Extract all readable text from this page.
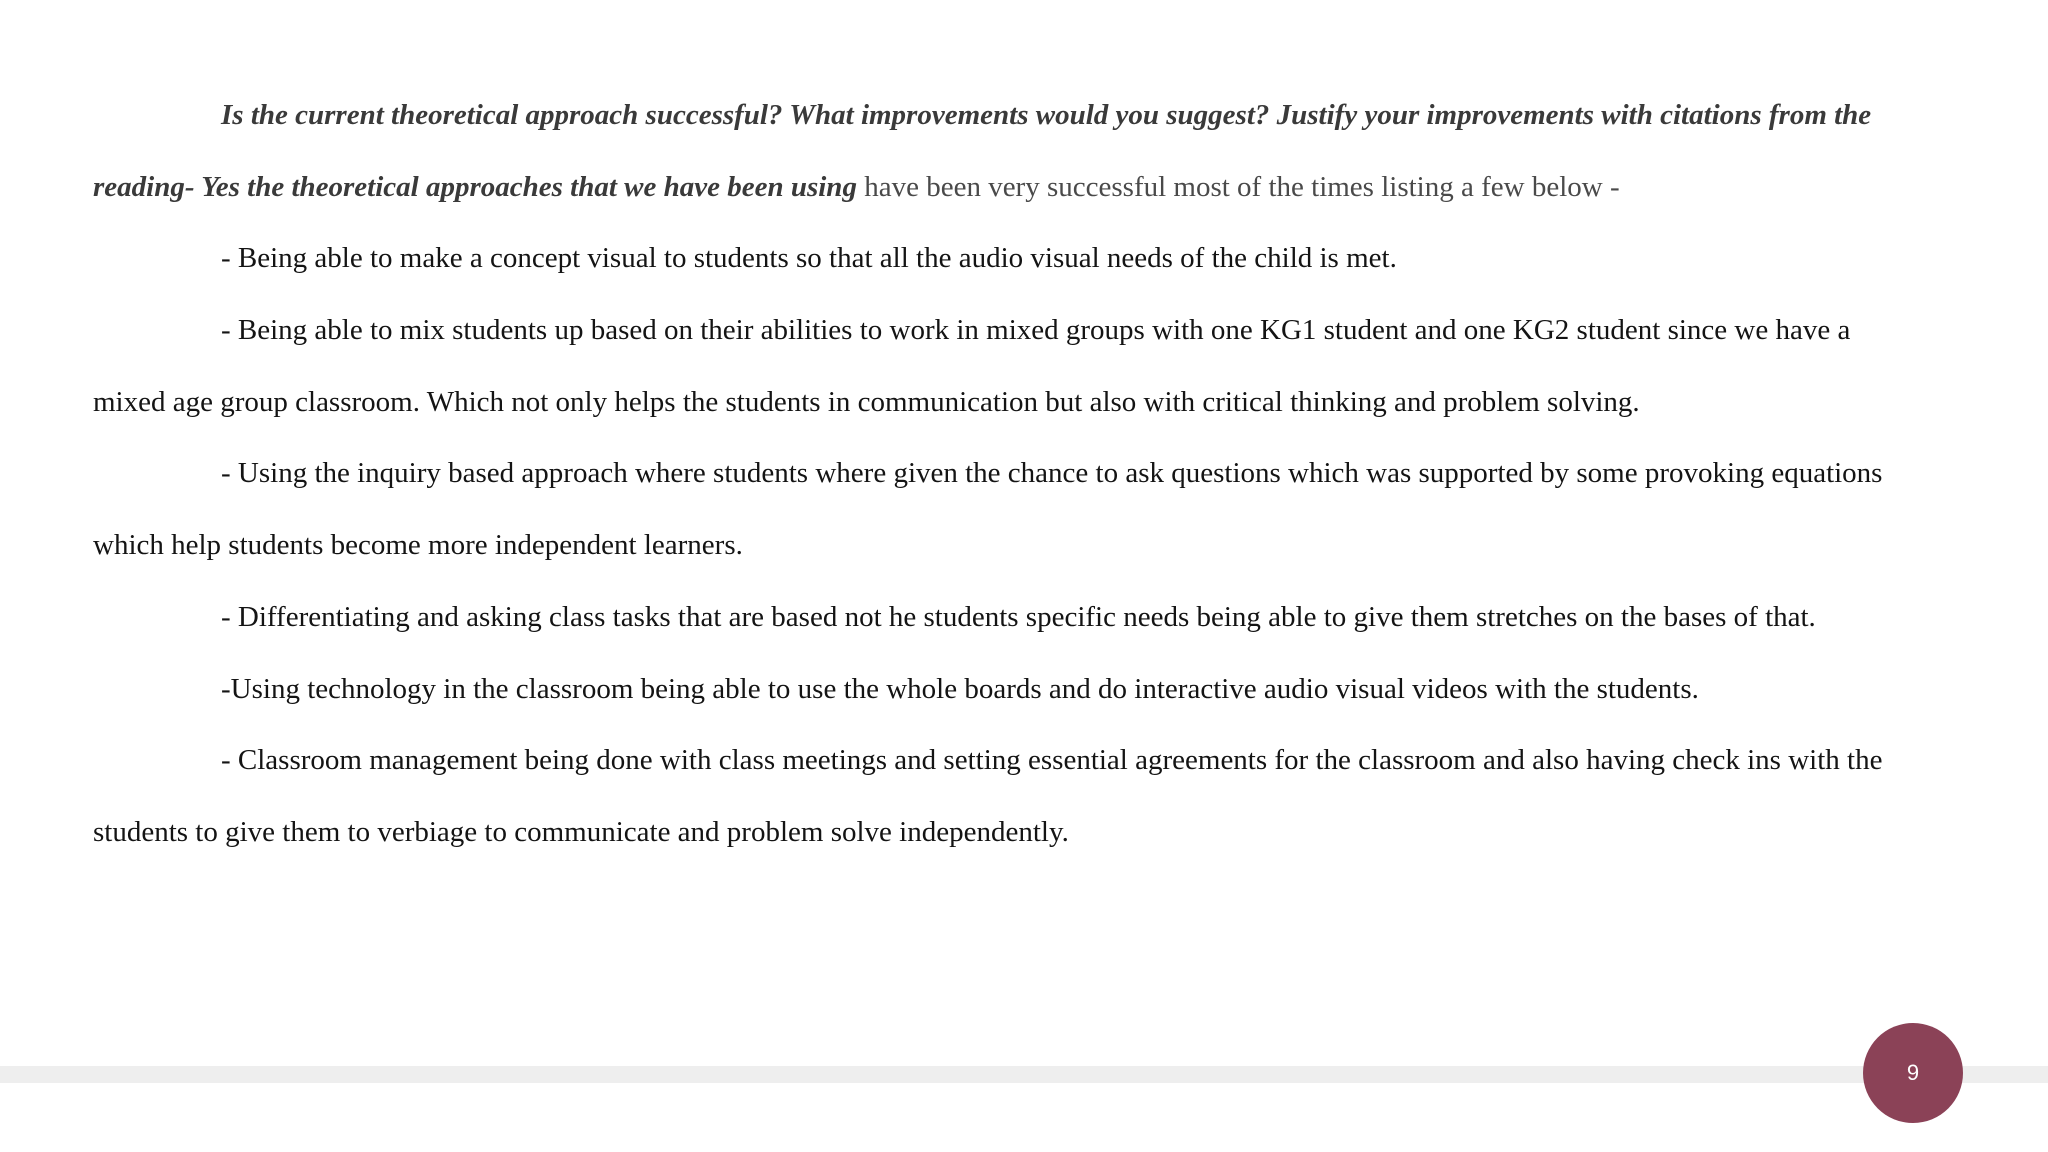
Is the current theoretical approach successful? What improvements would you suggest? Justify your improvements with citations from the
reading- Yes the theoretical approaches that we have been using have been very successful most of the times listing a few below -
- Being able to make a concept visual to students so that all the audio visual needs of the child is met.
- Being able to mix students up based on their abilities to work in mixed groups with one KG1 student and one KG2 student since we have a
mixed age group classroom. Which not only helps the students in communication but also with critical thinking and problem solving.
- Using the inquiry based approach where students where given the chance to ask questions which was supported by some provoking equations
which help students become more independent learners.
- Differentiating and asking class tasks that are based not he students specific needs being able to give them stretches on the bases of that.
-Using technology in the classroom being able to use the whole boards and do interactive audio visual videos with the students.
- Classroom management being done with class meetings and setting essential agreements for the classroom and also having check ins with the
students to give them to verbiage to communicate and problem solve independently.
9
